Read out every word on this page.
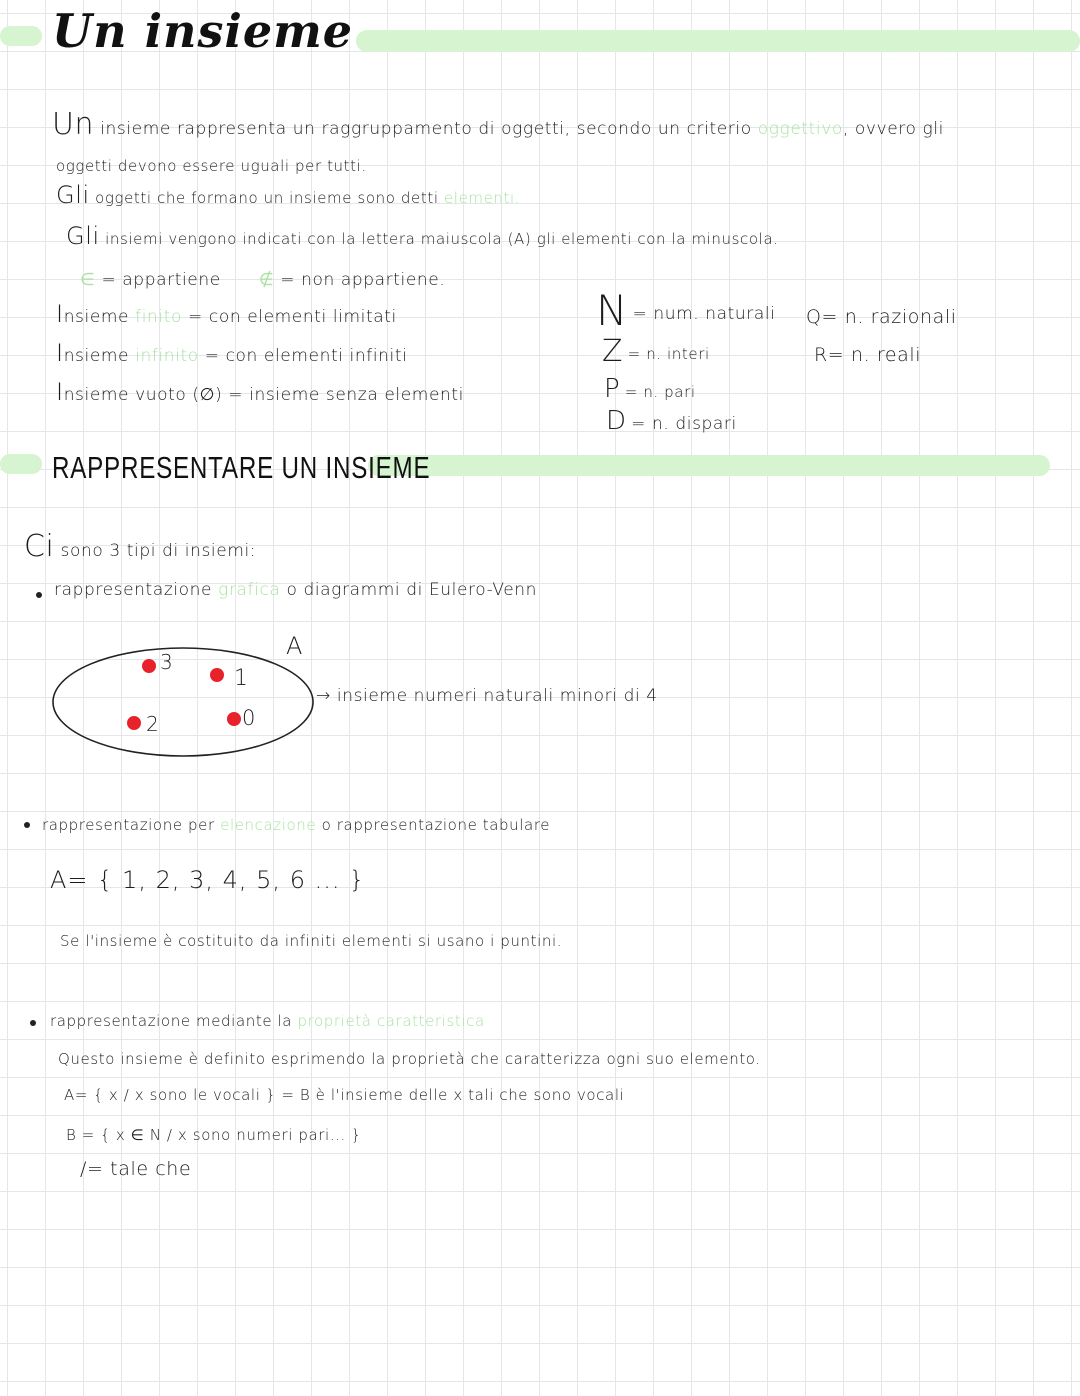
Un insieme
Un insieme rappresenta un raggruppamento di oggetti, secondo un criterio oggettivo, ovvero gli
oggetti devono essere uguali per tutti.
Gli oggetti che formano un insieme sono detti elementi.
Gli insiemi vengono indicati con la lettera maiuscola (A) gli elementi con la minuscola.
∈ = appartiene ∉ = non appartiene.
Insieme finito = con elementi limitati
Insieme infinito = con elementi infiniti
Insieme vuoto (∅) = insieme senza elementi
N = num. naturali
Z = n. interi
P = n. pari
D = n. dispari
Q= n. razionali
R= n. reali
RAPPRESENTARE UN INSIEME
Ci sono 3 tipi di insiemi:
rappresentazione grafica o diagrammi di Eulero-Venn
A
3
1
2	0
→ insieme numeri naturali minori di 4
rappresentazione per elencazione o rappresentazione tabulare
A= { 1, 2, 3, 4, 5, 6 ... }
Se l'insieme è costituito da infiniti elementi si usano i puntini.
rappresentazione mediante la proprietà caratteristica
Questo insieme è definito esprimendo la proprietà che caratterizza ogni suo elemento.
A= { x / x sono le vocali } = B è l'insieme delle x tali che sono vocali
B = { x ∈ N / x sono numeri pari... }
/= tale che
